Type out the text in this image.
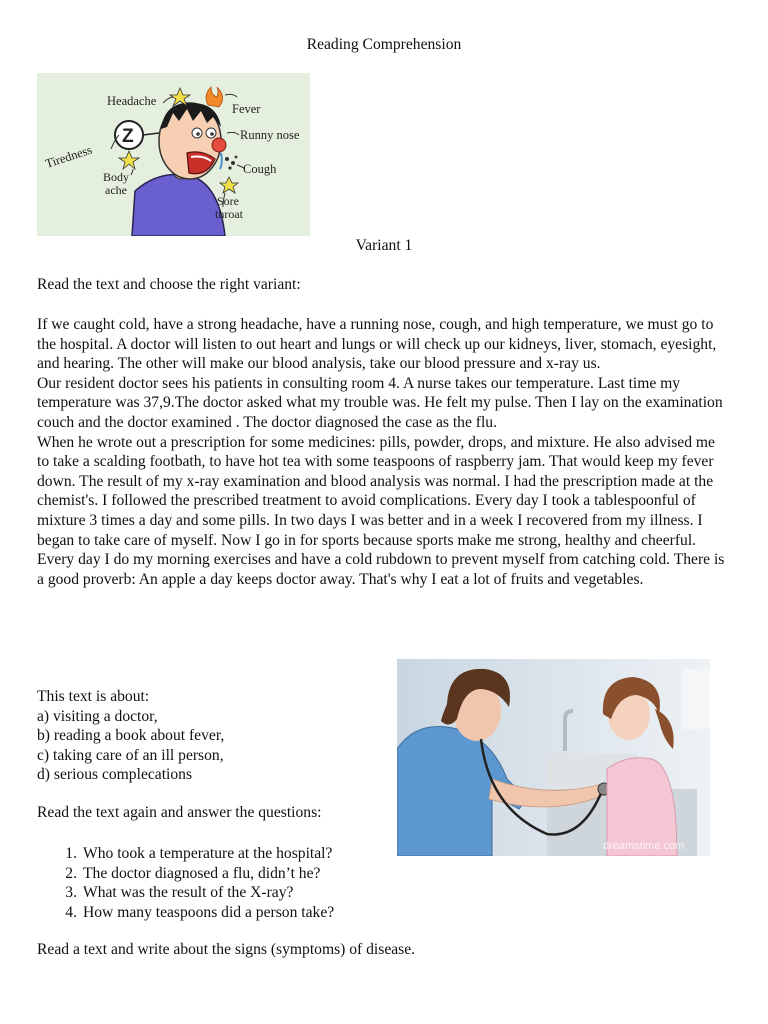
Reading Comprehension
Z
Headache
Fever
Runny nose
Tiredness	Cough
Body
ache
Sore
throat
Variant 1
Read the text and choose the right variant:

If we caught cold, have a strong headache, have a running nose, cough, and high temperature, we must go to the hospital. A doctor will listen to out heart and lungs or will check up our kidneys, liver, stomach, eyesight, and hearing. The other will make our blood analysis, take our blood pressure and x-ray us.

Our resident doctor sees his patients in consulting room 4. A nurse takes our temperature. Last time my temperature was 37,9.The doctor asked what my trouble was. He felt my pulse. Then I lay on the examination couch and the doctor examined . The doctor diagnosed the case as the flu.

When he wrote out a prescription for some medicines: pills, powder, drops, and mixture. He also advised me to take a scalding footbath, to have hot tea with some teaspoons of raspberry jam. That would keep my fever down. The result of my x-ray examination and blood analysis was normal. I had the prescription made at the chemist's. I followed the prescribed treatment to avoid complications. Every day I took a tablespoonful of mixture 3 times a day and some pills. In two days I was better and in a week I recovered from my illness. I began to take care of myself. Now I go in for sports because sports make me strong, healthy and cheerful. Every day I do my morning exercises and have a cold rubdown to prevent myself from catching cold. There is a good proverb: An apple a day keeps doctor away. That's why I eat a lot of fruits and vegetables.

This text is about:
a) visiting a doctor,
b) reading a book about fever,
c) taking care of an ill person,
d) serious complecations
dreamstime.com
Read the text again and answer the questions:
1. Who took a temperature at the hospital?
2. The doctor diagnosed a flu, didn’t he?
3. What was the result of the X-ray?
4. How many teaspoons did a person take?
Read a text and write about the signs (symptoms) of disease.
